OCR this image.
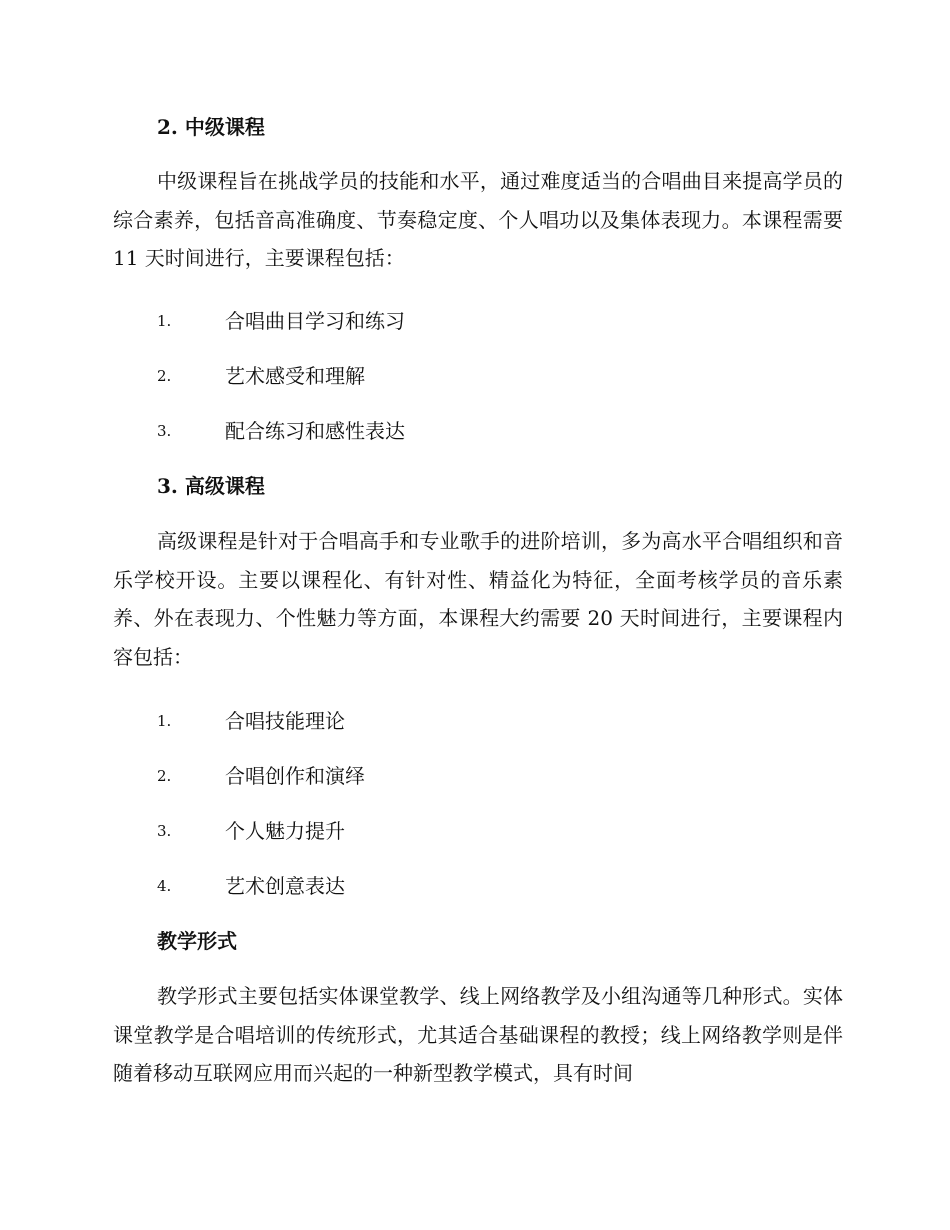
2. 中级课程
中级课程旨在挑战学员的技能和水平，通过难度适当的合唱曲目来提高学员的综合素养，包括音高准确度、节奏稳定度、个人唱功以及集体表现力。本课程需要 11 天时间进行，主要课程包括：
1.	合唱曲目学习和练习
2.	艺术感受和理解
3.	配合练习和感性表达
3. 高级课程
高级课程是针对于合唱高手和专业歌手的进阶培训，多为高水平合唱组织和音乐学校开设。主要以课程化、有针对性、精益化为特征，全面考核学员的音乐素养、外在表现力、个性魅力等方面，本课程大约需要 20 天时间进行，主要课程内容包括：
1.	合唱技能理论
2.	合唱创作和演绎
3.	个人魅力提升
4.	艺术创意表达
教学形式
教学形式主要包括实体课堂教学、线上网络教学及小组沟通等几种形式。实体课堂教学是合唱培训的传统形式，尤其适合基础课程的教授；线上网络教学则是伴随着移动互联网应用而兴起的一种新型教学模式，具有时间
